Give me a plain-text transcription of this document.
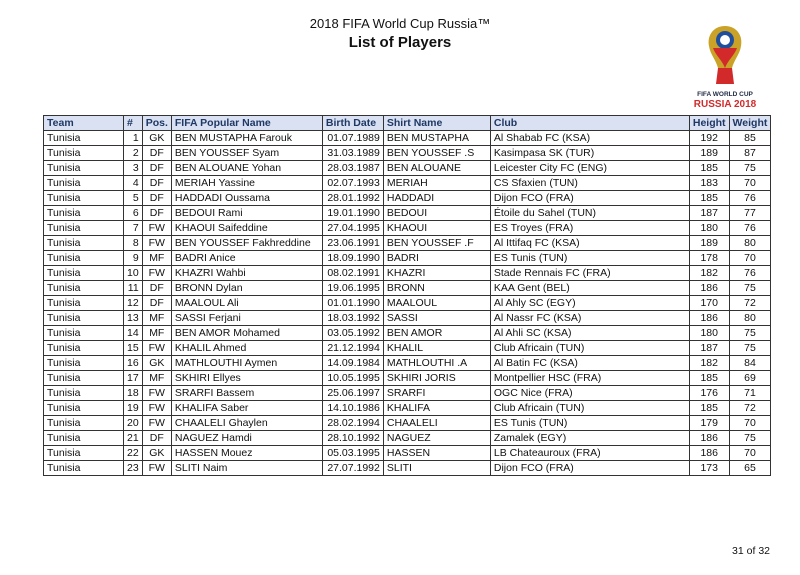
2018 FIFA World Cup Russia™
List of Players
FIFA WORLD CUP
RUSSIA 2018
Team	#	Pos.	FIFA Popular Name	Birth Date	Shirt Name	Club	Height	Weight
Tunisia	1	GK	BEN MUSTAPHA Farouk	01.07.1989	BEN MUSTAPHA	Al Shabab FC (KSA)	192	85
Tunisia	2	DF	BEN YOUSSEF Syam	31.03.1989	BEN YOUSSEF .S	Kasimpasa SK (TUR)	189	87
Tunisia	3	DF	BEN ALOUANE Yohan	28.03.1987	BEN ALOUANE	Leicester City FC (ENG)	185	75
Tunisia	4	DF	MERIAH Yassine	02.07.1993	MERIAH	CS Sfaxien (TUN)	183	70
Tunisia	5	DF	HADDADI Oussama	28.01.1992	HADDADI	Dijon FCO (FRA)	185	76
Tunisia	6	DF	BEDOUI Rami	19.01.1990	BEDOUI	Étoile du Sahel (TUN)	187	77
Tunisia	7	FW	KHAOUI Saifeddine	27.04.1995	KHAOUI	ES Troyes (FRA)	180	76
Tunisia	8	FW	BEN YOUSSEF Fakhreddine	23.06.1991	BEN YOUSSEF .F	Al Ittifaq FC (KSA)	189	80
Tunisia	9	MF	BADRI Anice	18.09.1990	BADRI	ES Tunis (TUN)	178	70
Tunisia	10	FW	KHAZRI Wahbi	08.02.1991	KHAZRI	Stade Rennais FC (FRA)	182	76
Tunisia	11	DF	BRONN Dylan	19.06.1995	BRONN	KAA Gent (BEL)	186	75
Tunisia	12	DF	MAALOUL Ali	01.01.1990	MAALOUL	Al Ahly SC (EGY)	170	72
Tunisia	13	MF	SASSI Ferjani	18.03.1992	SASSI	Al Nassr FC (KSA)	186	80
Tunisia	14	MF	BEN AMOR Mohamed	03.05.1992	BEN AMOR	Al Ahli SC (KSA)	180	75
Tunisia	15	FW	KHALIL Ahmed	21.12.1994	KHALIL	Club Africain (TUN)	187	75
Tunisia	16	GK	MATHLOUTHI Aymen	14.09.1984	MATHLOUTHI .A	Al Batin FC (KSA)	182	84
Tunisia	17	MF	SKHIRI Ellyes	10.05.1995	SKHIRI JORIS	Montpellier HSC (FRA)	185	69
Tunisia	18	FW	SRARFI Bassem	25.06.1997	SRARFI	OGC Nice (FRA)	176	71
Tunisia	19	FW	KHALIFA Saber	14.10.1986	KHALIFA	Club Africain (TUN)	185	72
Tunisia	20	FW	CHAALELI Ghaylen	28.02.1994	CHAALELI	ES Tunis (TUN)	179	70
Tunisia	21	DF	NAGUEZ Hamdi	28.10.1992	NAGUEZ	Zamalek (EGY)	186	75
Tunisia	22	GK	HASSEN Mouez	05.03.1995	HASSEN	LB Chateauroux (FRA)	186	70
Tunisia	23	FW	SLITI Naim	27.07.1992	SLITI	Dijon FCO (FRA)	173	65
31 of 32
